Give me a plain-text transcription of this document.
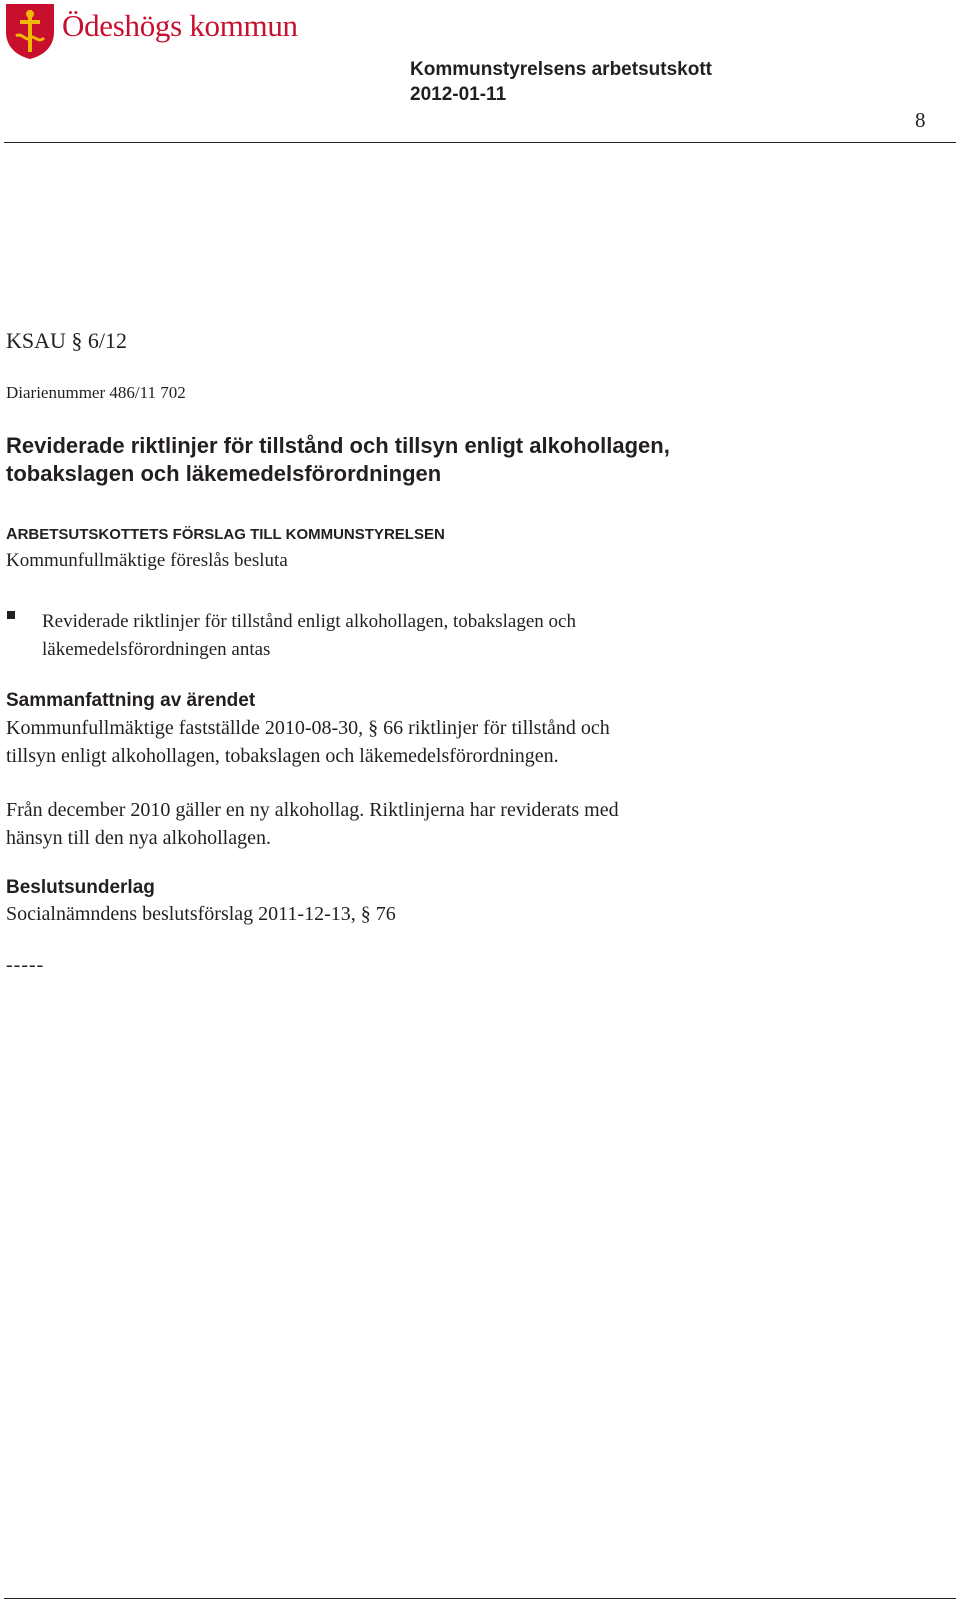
Ödeshögs kommun
Kommunstyrelsens arbetsutskott
2012-01-11
8
KSAU § 6/12
Diarienummer 486/11 702
Reviderade riktlinjer för tillstånd och tillsyn enligt alkohollagen,
tobakslagen och läkemedelsförordningen
ARBETSUTSKOTTETS FÖRSLAG TILL KOMMUNSTYRELSEN
Kommunfullmäktige föreslås besluta
Reviderade riktlinjer för tillstånd enligt alkohollagen, tobakslagen och
läkemedelsförordningen antas
Sammanfattning av ärendet
Kommunfullmäktige fastställde 2010-08-30, § 66 riktlinjer för tillstånd och
tillsyn enligt alkohollagen, tobakslagen och läkemedelsförordningen.
Från december 2010 gäller en ny alkohollag. Riktlinjerna har reviderats med
hänsyn till den nya alkohollagen.
Beslutsunderlag
Socialnämndens beslutsförslag 2011-12-13, § 76
-----
